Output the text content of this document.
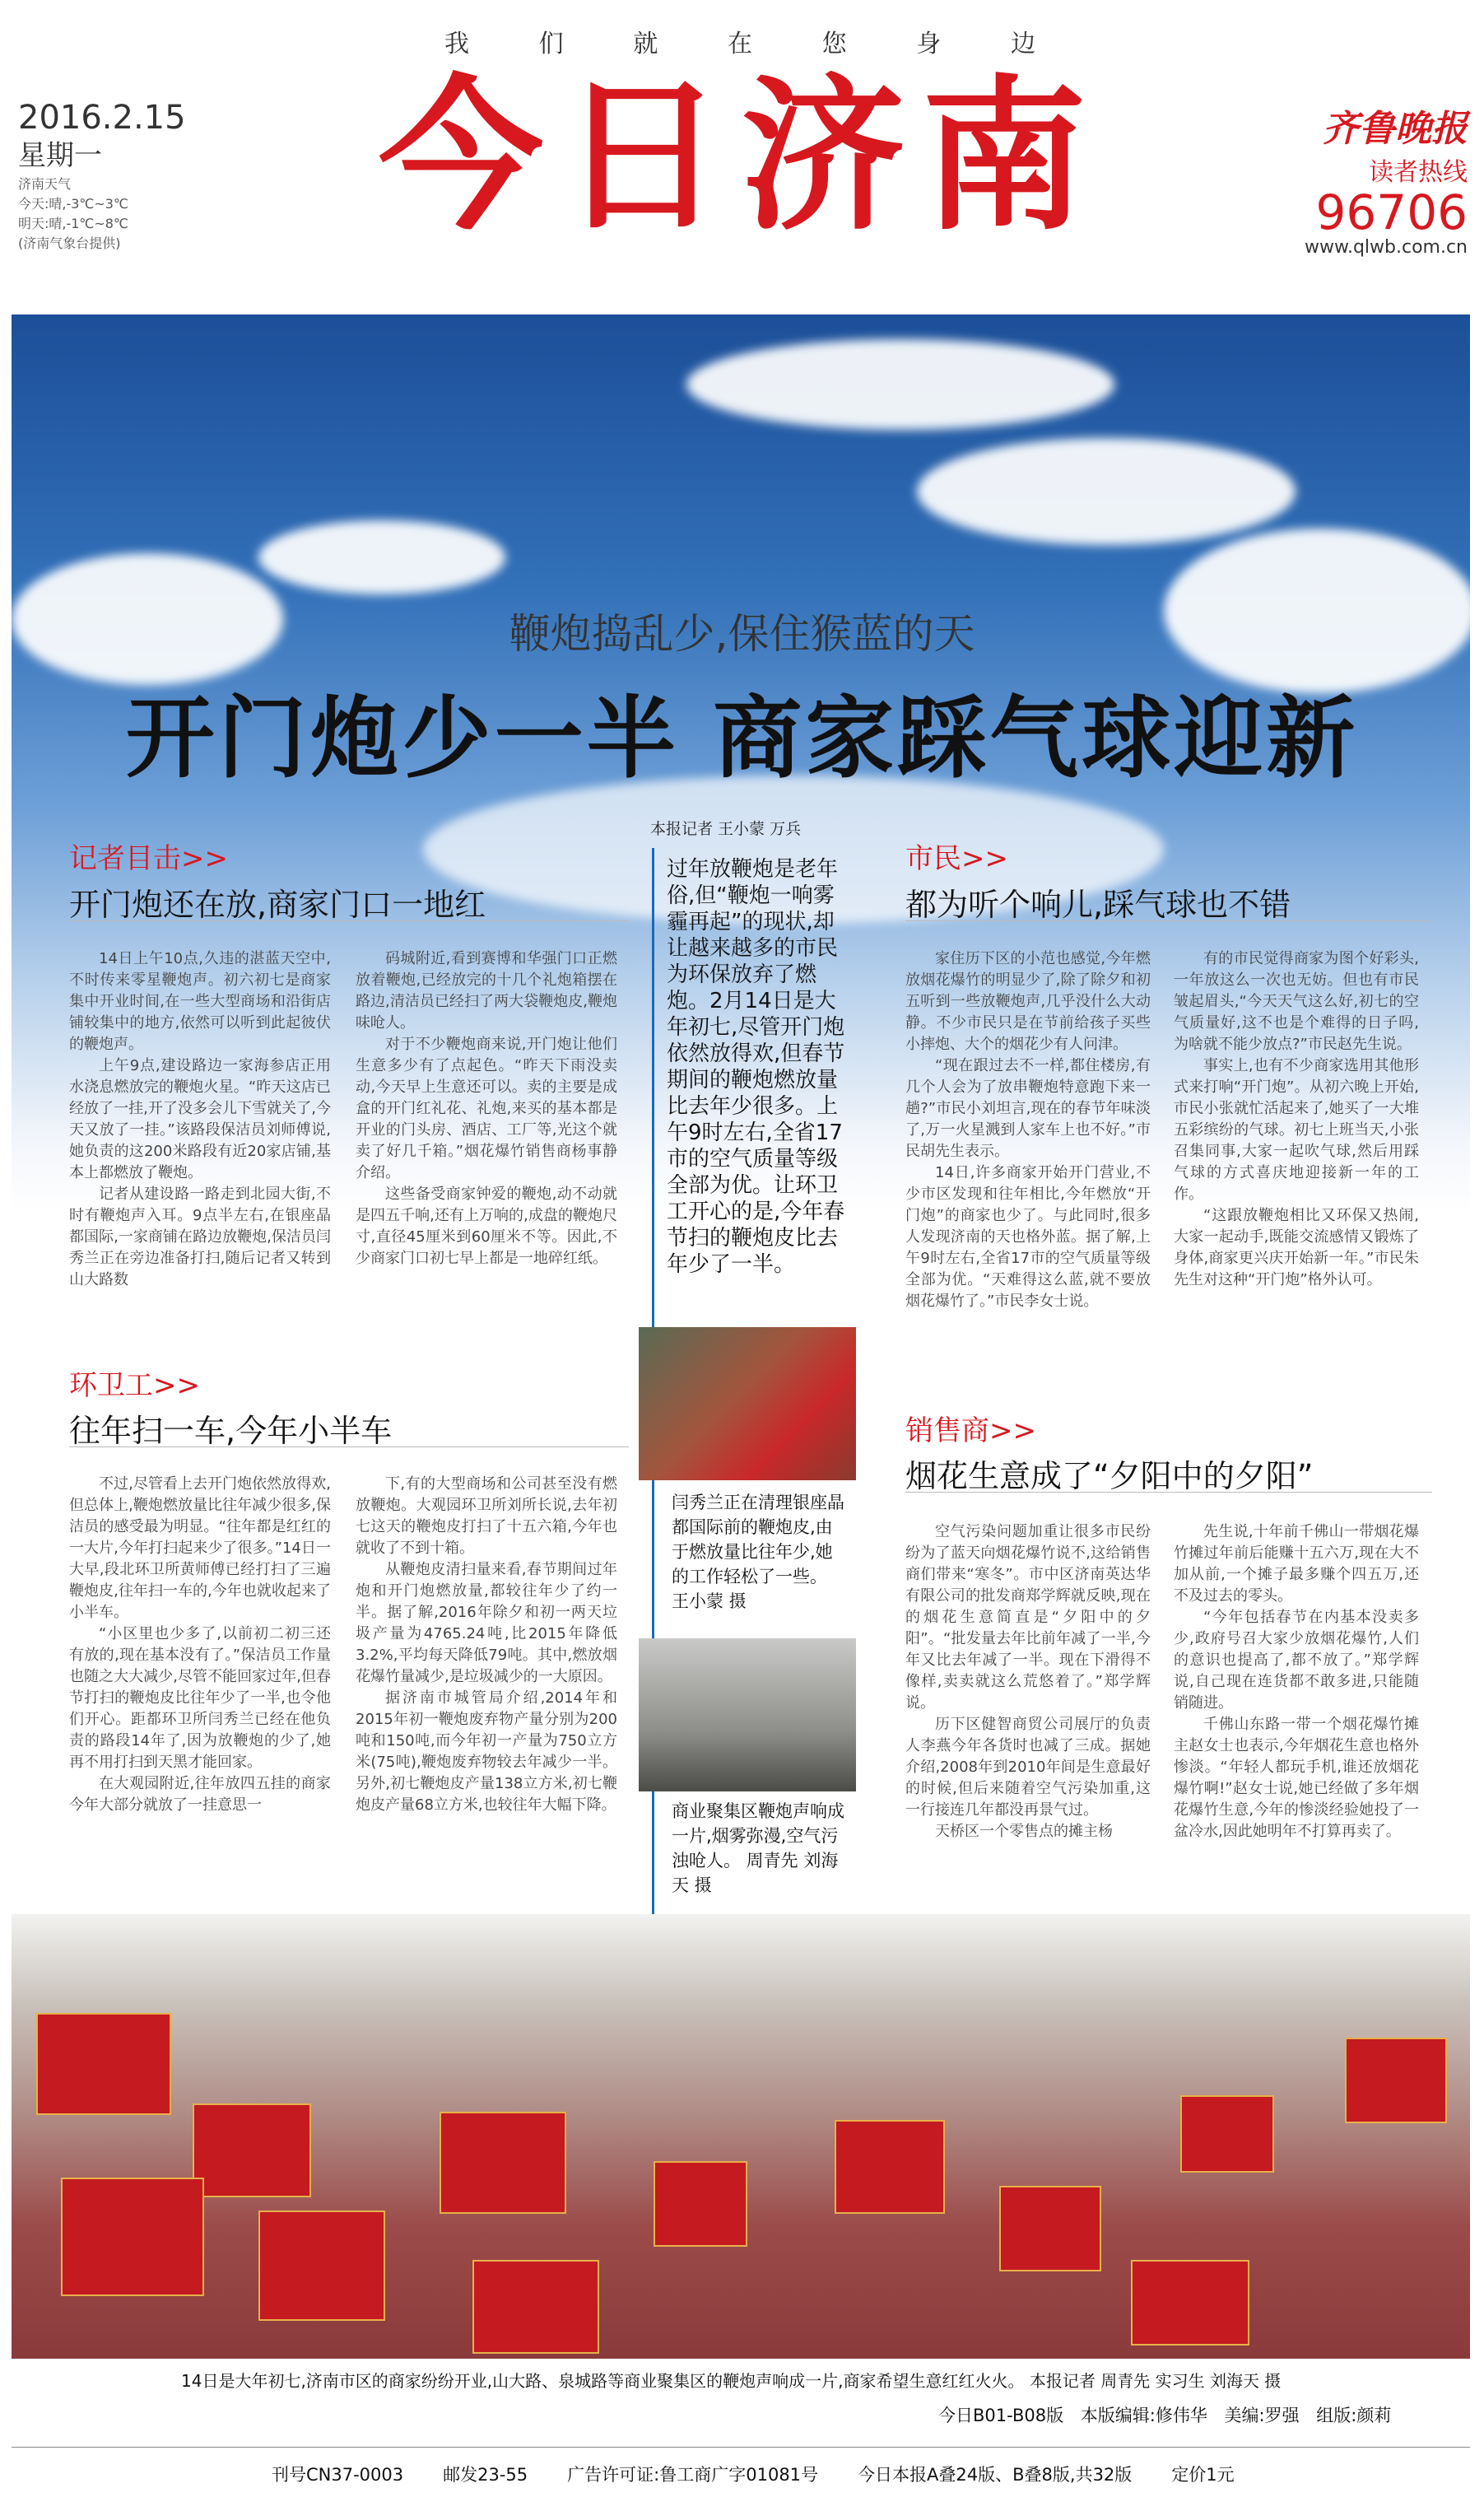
我	们	就	在	您	身	边
今日济南
2016.2.15
星期一
济南天气
今天:晴,-3℃~3℃
明天:晴,-1℃~8℃
(济南气象台提供)
齐鲁晚报
读者热线
96706
www.qlwb.com.cn
鞭炮捣乱少,保住猴蓝的天
开门炮少一半 商家踩气球迎新
本报记者 王小蒙 万兵
记者目击>>
开门炮还在放,商家门口一地红

14日上午10点,久违的湛蓝天空中,不时传来零星鞭炮声。初六初七是商家集中开业时间,在一些大型商场和沿街店铺较集中的地方,依然可以听到此起彼伏的鞭炮声。

上午9点,建设路边一家海参店正用水浇息燃放完的鞭炮火星。“昨天这店已经放了一挂,开了没多会儿下雪就关了,今天又放了一挂。”该路段保洁员刘师傅说,她负责的这200米路段有近20家店铺,基本上都燃放了鞭炮。

记者从建设路一路走到北园大街,不时有鞭炮声入耳。9点半左右,在银座晶都国际,一家商铺在路边放鞭炮,保洁员闫秀兰正在旁边准备打扫,随后记者又转到山大路数

码城附近,看到赛博和华强门口正燃放着鞭炮,已经放完的十几个礼炮箱摆在路边,清洁员已经扫了两大袋鞭炮皮,鞭炮味呛人。

对于不少鞭炮商来说,开门炮让他们生意多少有了点起色。“昨天下雨没卖动,今天早上生意还可以。卖的主要是成盒的开门红礼花、礼炮,来买的基本都是开业的门头房、酒店、工厂等,光这个就卖了好几千箱。”烟花爆竹销售商杨事静介绍。

这些备受商家钟爱的鞭炮,动不动就是四五千响,还有上万响的,成盘的鞭炮尺寸,直径45厘米到60厘米不等。因此,不少商家门口初七早上都是一地碎红纸。

环卫工>>
往年扫一车,今年小半车

不过,尽管看上去开门炮依然放得欢,但总体上,鞭炮燃放量比往年减少很多,保洁员的感受最为明显。“往年都是红红的一大片,今年打扫起来少了很多。”14日一大早,段北环卫所黄师傅已经打扫了三遍鞭炮皮,往年扫一车的,今年也就收起来了小半车。

“小区里也少多了,以前初二初三还有放的,现在基本没有了。”保洁员工作量也随之大大减少,尽管不能回家过年,但春节打扫的鞭炮皮比往年少了一半,也令他们开心。距都环卫所闫秀兰已经在他负责的路段14年了,因为放鞭炮的少了,她再不用打扫到天黑才能回家。

在大观园附近,往年放四五挂的商家今年大部分就放了一挂意思一

下,有的大型商场和公司甚至没有燃放鞭炮。大观园环卫所刘所长说,去年初七这天的鞭炮皮打扫了十五六箱,今年也就收了不到十箱。

从鞭炮皮清扫量来看,春节期间过年炮和开门炮燃放量,都较往年少了约一半。据了解,2016年除夕和初一两天垃圾产量为4765.24吨,比2015年降低3.2%,平均每天降低79吨。其中,燃放烟花爆竹量减少,是垃圾减少的一大原因。

据济南市城管局介绍,2014年和2015年初一鞭炮废弃物产量分别为200吨和150吨,而今年初一产量为750立方米(75吨),鞭炮废弃物较去年减少一半。另外,初七鞭炮皮产量138立方米,初七鞭炮皮产量68立方米,也较往年大幅下降。

过年放鞭炮是老年俗,但“鞭炮一响雾霾再起”的现状,却让越来越多的市民为环保放弃了燃炮。2月14日是大年初七,尽管开门炮依然放得欢,但春节期间的鞭炮燃放量比去年少很多。上午9时左右,全省17市的空气质量等级全部为优。让环卫工开心的是,今年春节扫的鞭炮皮比去年少了一半。
闫秀兰正在清理银座晶都国际前的鞭炮皮,由于燃放量比往年少,她的工作轻松了一些。 王小蒙 摄
商业聚集区鞭炮声响成一片,烟雾弥漫,空气污浊呛人。 周青先 刘海天 摄
市民>>
都为听个响儿,踩气球也不错

家住历下区的小范也感觉,今年燃放烟花爆竹的明显少了,除了除夕和初五听到一些放鞭炮声,几乎没什么大动静。不少市民只是在节前给孩子买些小摔炮、大个的烟花少有人问津。

“现在跟过去不一样,都住楼房,有几个人会为了放串鞭炮特意跑下来一趟?”市民小刘坦言,现在的春节年味淡了,万一火星溅到人家车上也不好。”市民胡先生表示。

14日,许多商家开始开门营业,不少市区发现和往年相比,今年燃放“开门炮”的商家也少了。与此同时,很多人发现济南的天也格外蓝。据了解,上午9时左右,全省17市的空气质量等级全部为优。“天难得这么蓝,就不要放烟花爆竹了。”市民李女士说。

有的市民觉得商家为图个好彩头,一年放这么一次也无妨。但也有市民皱起眉头,“今天天气这么好,初七的空气质量好,这不也是个难得的日子吗,为啥就不能少放点?”市民赵先生说。

事实上,也有不少商家选用其他形式来打响“开门炮”。从初六晚上开始,市民小张就忙活起来了,她买了一大堆五彩缤纷的气球。初七上班当天,小张召集同事,大家一起吹气球,然后用踩气球的方式喜庆地迎接新一年的工作。

“这跟放鞭炮相比又环保又热闹,大家一起动手,既能交流感情又锻炼了身体,商家更兴庆开始新一年。”市民朱先生对这种“开门炮”格外认可。

销售商>>
烟花生意成了“夕阳中的夕阳”

空气污染问题加重让很多市民纷纷为了蓝天向烟花爆竹说不,这给销售商们带来“寒冬”。市中区济南英达华有限公司的批发商郑学辉就反映,现在的烟花生意简直是“夕阳中的夕阳”。“批发量去年比前年减了一半,今年又比去年减了一半。现在下滑得不像样,卖卖就这么荒悠着了。”郑学辉说。

历下区健智商贸公司展厅的负责人李燕今年各货时也减了三成。据她介绍,2008年到2010年间是生意最好的时候,但后来随着空气污染加重,这一行接连几年都没再景气过。

天桥区一个零售点的摊主杨

先生说,十年前千佛山一带烟花爆竹摊过年前后能赚十五六万,现在大不加从前,一个摊子最多赚个四五万,还不及过去的零头。

“今年包括春节在内基本没卖多少,政府号召大家少放烟花爆竹,人们的意识也提高了,都不放了。”郑学辉说,自己现在连货都不敢多进,只能随销随进。

千佛山东路一带一个烟花爆竹摊主赵女士也表示,今年烟花生意也格外惨淡。“年轻人都玩手机,谁还放烟花爆竹啊!”赵女士说,她已经做了多年烟花爆竹生意,今年的惨淡经验她投了一盆冷水,因此她明年不打算再卖了。

14日是大年初七,济南市区的商家纷纷开业,山大路、泉城路等商业聚集区的鞭炮声响成一片,商家希望生意红红火火。 本报记者 周青先 实习生 刘海天 摄
今日B01-B08版 本版编辑:修伟华 美编:罗强 组版:颜莉
刊号CN37-0003 邮发23-55 广告许可证:鲁工商广字01081号 今日本报A叠24版、B叠8版,共32版 定价1元
